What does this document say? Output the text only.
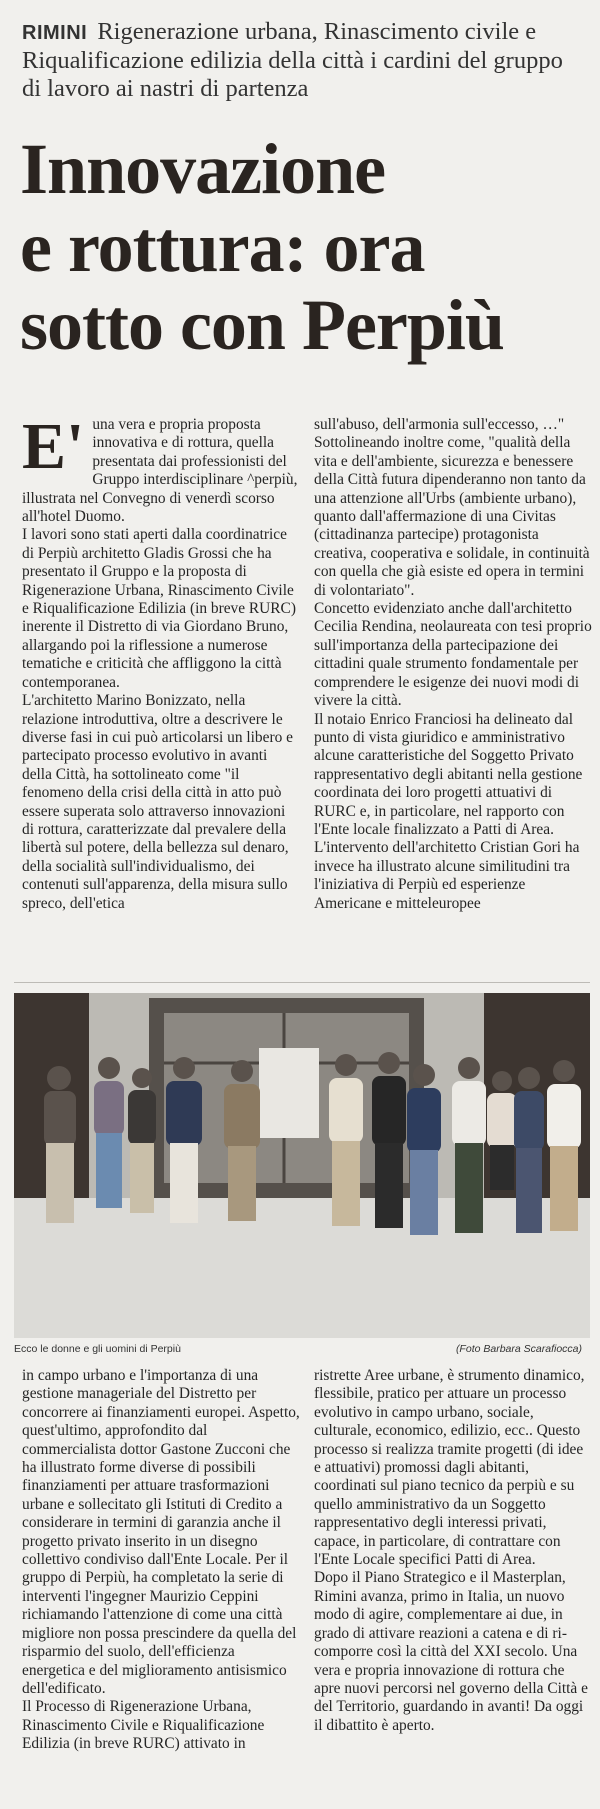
RIMINI Rigenerazione urbana, Rinascimento civile e Riqualificazione edilizia della città i cardini del gruppo di lavoro ai nastri di partenza
Innovazione
e rottura: ora
sotto con Perpiù
E' una vera e propria proposta innovativa e di rottura, quella presentata dai professionisti del Gruppo interdisciplinare ^perpiù, illustrata nel Convegno di venerdì scorso all'hotel Duomo.

I lavori sono stati aperti dalla coordinatrice di Perpiù architetto Gladis Grossi che ha presentato il Gruppo e la proposta di Rigenerazione Urbana, Rinascimento Civile e Riqualificazione Edilizia (in breve RURC) inerente il Distretto di via Giordano Bruno, allargando poi la riflessione a numerose tematiche e criticità che affliggono la città contemporanea.

L'architetto Marino Bonizzato, nella relazione introduttiva, oltre a descrivere le diverse fasi in cui può articolarsi un libero e partecipato processo evolutivo in avanti della Città, ha sottolineato come "il fenomeno della crisi della città in atto può essere superata solo attraverso innovazioni di rottura, caratterizzate dal prevalere della libertà sul potere, della bellezza sul denaro, della socialità sull'individualismo, dei contenuti sull'apparenza, della misura sullo spreco, dell'etica

sull'abuso, dell'armonia sull'eccesso, …" Sottolineando inoltre come, "qualità della vita e dell'ambiente, sicurezza e benessere della Città futura dipenderanno non tanto da una attenzione all'Urbs (ambiente urbano), quanto dall'affermazione di una Civitas (cittadinanza partecipe) protagonista creativa, cooperativa e solidale, in continuità con quella che già esiste ed opera in termini di volontariato".

Concetto evidenziato anche dall'architetto Cecilia Rendina, neolaureata con tesi proprio sull'importanza della partecipazione dei cittadini quale strumento fondamentale per comprendere le esigenze dei nuovi modi di vivere la città.

Il notaio Enrico Franciosi ha delineato dal punto di vista giuridico e amministrativo alcune caratteristiche del Soggetto Privato rappresentativo degli abitanti nella gestione coordinata dei loro progetti attuativi di RURC e, in particolare, nel rapporto con l'Ente locale finalizzato a Patti di Area. L'intervento dell'architetto Cristian Gori ha invece ha illustrato alcune similitudini tra l'iniziativa di Perpiù ed esperienze Americane e mitteleuropee

Ecco le donne e gli uomini di Perpiù	(Foto Barbara Scarafiocca)

in campo urbano e l'importanza di una gestione manageriale del Distretto per concorrere ai finanziamenti europei. Aspetto, quest'ultimo, approfondito dal commercialista dottor Gastone Zucconi che ha illustrato forme diverse di possibili finanziamenti per attuare trasformazioni urbane e sollecitato gli Istituti di Credito a considerare in termini di garanzia anche il progetto privato inserito in un disegno collettivo condiviso dall'Ente Locale. Per il gruppo di Perpiù, ha completato la serie di interventi l'ingegner Maurizio Ceppini richiamando l'attenzione di come una città migliore non possa prescindere da quella del risparmio del suolo, dell'efficienza energetica e del miglioramento antisismico dell'edificato.

Il Processo di Rigenerazione Urbana, Rinascimento Civile e Riqualificazione Edilizia (in breve RURC) attivato in

ristrette Aree urbane, è strumento dinamico, flessibile, pratico per attuare un processo evolutivo in campo urbano, sociale, culturale, economico, edilizio, ecc.. Questo processo si realizza tramite progetti (di idee e attuativi) promossi dagli abitanti, coordinati sul piano tecnico da perpiù e su quello amministrativo da un Soggetto rappresentativo degli interessi privati, capace, in particolare, di contrattare con l'Ente Locale specifici Patti di Area.

Dopo il Piano Strategico e il Masterplan, Rimini avanza, primo in Italia, un nuovo modo di agire, complementare ai due, in grado di attivare reazioni a catena e di ri-comporre così la città del XXI secolo. Una vera e propria innovazione di rottura che apre nuovi percorsi nel governo della Città e del Territorio, guardando in avanti! Da oggi il dibattito è aperto.
